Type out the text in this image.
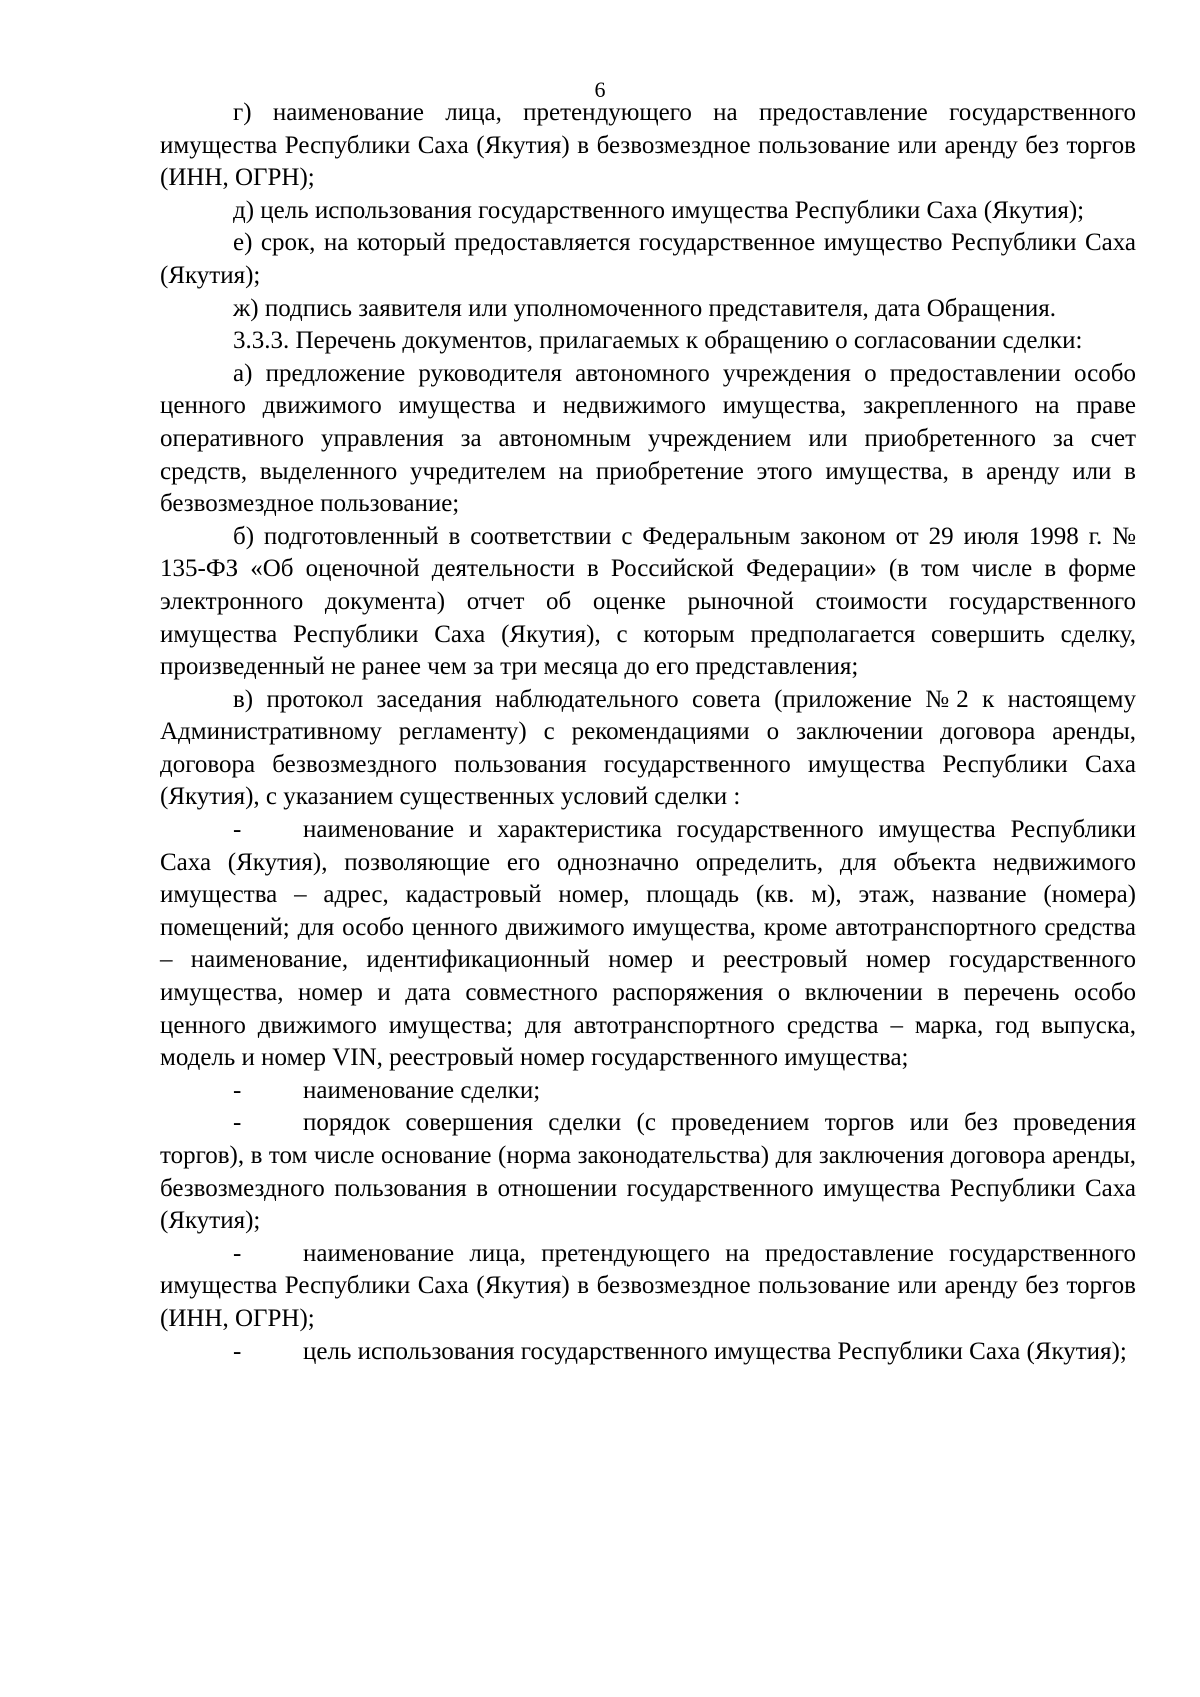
6

г) наименование лица, претендующего на предоставление государственного имущества Республики Саха (Якутия) в безвозмездное пользование или аренду без торгов (ИНН, ОГРН);

д) цель использования государственного имущества Республики Саха (Якутия);

е) срок, на который предоставляется государственное имущество Республики Саха (Якутия);

ж) подпись заявителя или уполномоченного представителя, дата Обращения.

3.3.3. Перечень документов, прилагаемых к обращению о согласовании сделки:

а) предложение руководителя автономного учреждения о предоставлении особо ценного движимого имущества и недвижимого имущества, закрепленного на праве оперативного управления за автономным учреждением или приобретенного за счет средств, выделенного учредителем на приобретение этого имущества, в аренду или в безвозмездное пользование;

б) подготовленный в соответствии с Федеральным законом от 29 июля 1998 г. № 135-ФЗ «Об оценочной деятельности в Российской Федерации» (в том числе в форме электронного документа) отчет об оценке рыночной стоимости государственного имущества Республики Саха (Якутия), с которым предполагается совершить сделку, произведенный не ранее чем за три месяца до его представления;

в) протокол заседания наблюдательного совета (приложение №2 к настоящему Административному регламенту) с рекомендациями о заключении договора аренды, договора безвозмездного пользования государственного имущества Республики Саха (Якутия), с указанием существенных условий сделки :

- наименование и характеристика государственного имущества Республики Саха (Якутия), позволяющие его однозначно определить, для объекта недвижимого имущества – адрес, кадастровый номер, площадь (кв. м), этаж, название (номера) помещений; для особо ценного движимого имущества, кроме автотранспортного средства – наименование, идентификационный номер и реестровый номер государственного имущества, номер и дата совместного распоряжения о включении в перечень особо ценного движимого имущества; для автотранспортного средства – марка, год выпуска, модель и номер VIN, реестровый номер государственного имущества;

- наименование сделки;

- порядок совершения сделки (с проведением торгов или без проведения торгов), в том числе основание (норма законодательства) для заключения договора аренды, безвозмездного пользования в отношении государственного имущества Республики Саха (Якутия);

- наименование лица, претендующего на предоставление государственного имущества Республики Саха (Якутия) в безвозмездное пользование или аренду без торгов (ИНН, ОГРН);

- цель использования государственного имущества Республики Саха (Якутия);
